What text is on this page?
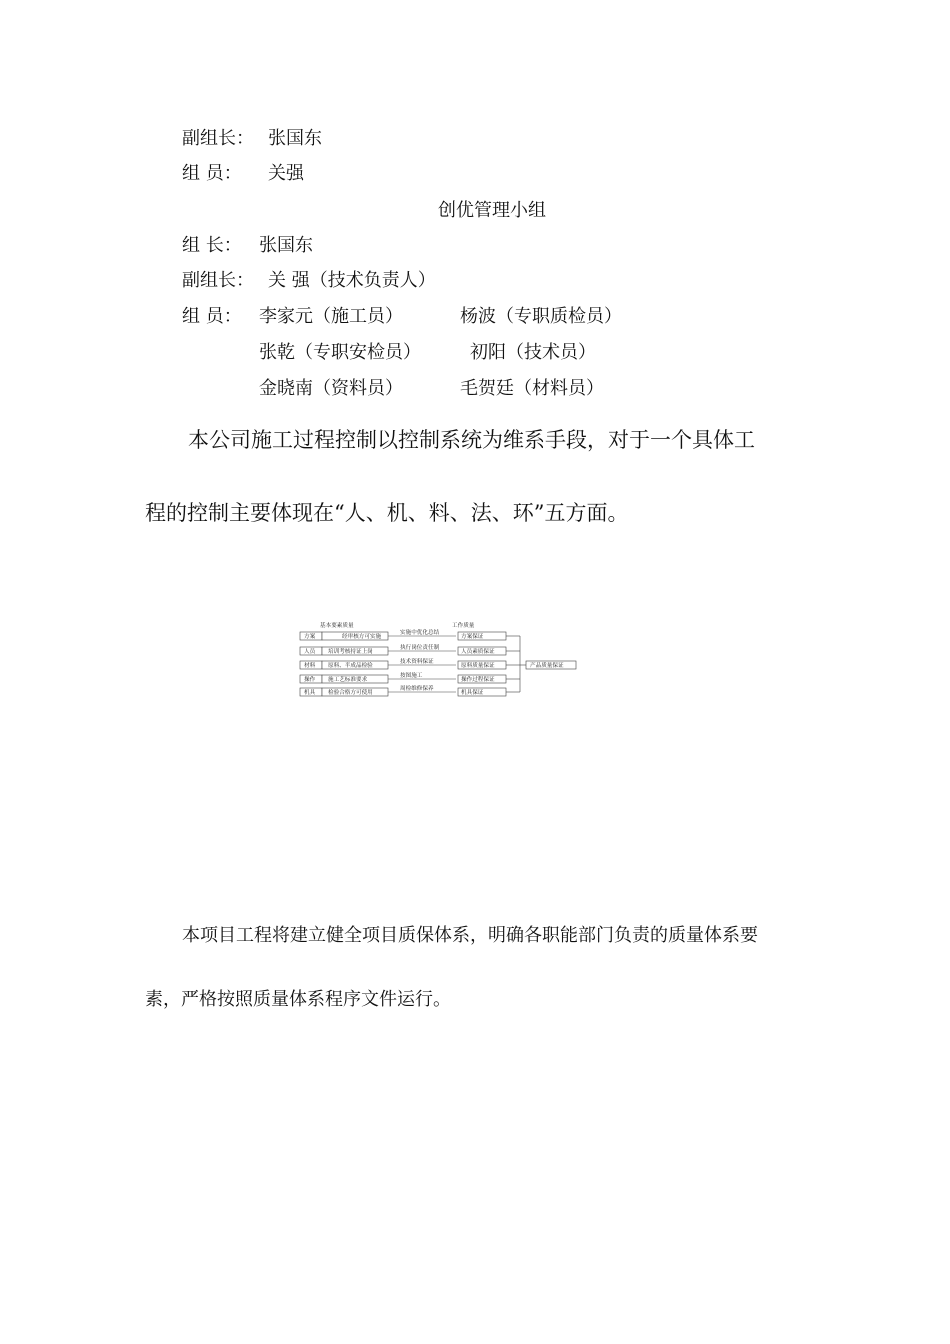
副组长： 张国东
组 员： 关强
创优管理小组
组 长： 张国东
副组长： 关 强（技术负责人）
组 员： 李家元（施工员）	杨波（专职质检员）
张乾（专职安检员）	初阳（技术员）
金晓南（资料员）	毛贺廷（材料员）
本公司施工过程控制以控制系统为维系手段，对于一个具体工
程的控制主要体现在“人、机、料、法、环”五方面。
基本要素质量	工作质量
方案	经审核方可实施
实施中优化总结
方案保证
人员 培训考核持证上岗
执行岗位责任制
人员素质保证
材料 原料、半成品检验
技术资料保证
原料质量保证
操作 施工艺标准要求
按图施工
操作过程保证
机具 检验合格方可使用
周检维修保养
机具保证
产品质量保证
本项目工程将建立健全项目质保体系，明确各职能部门负责的质量体系要
素，严格按照质量体系程序文件运行。
